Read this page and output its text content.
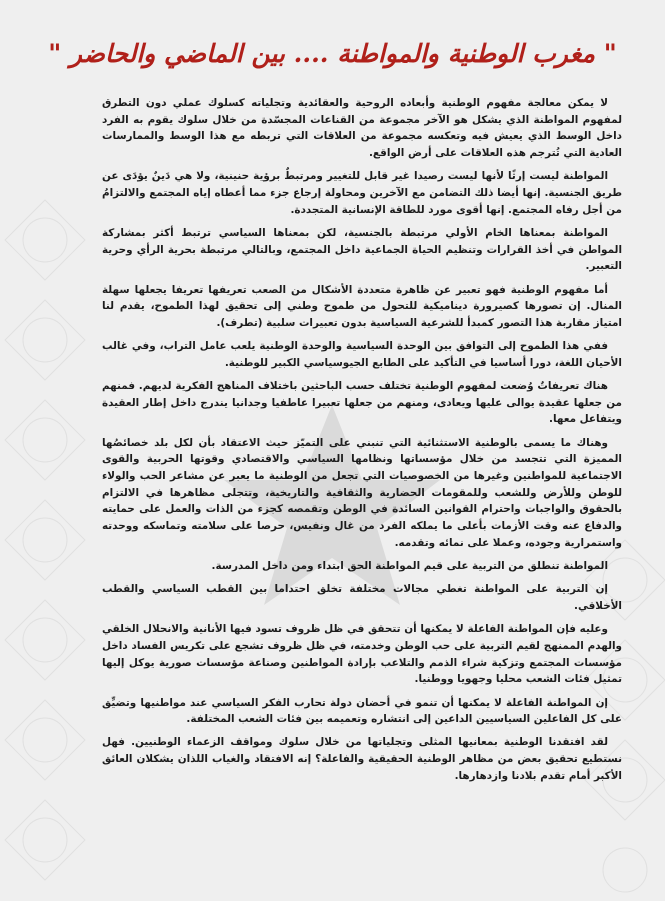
" مغرب الوطنية والمواطنة .... بين الماضي والحاضر "

لا يمكن معالجة مفهوم الوطنية وأبعاده الروحية والعقائدية وتجلياته كسلوك عملي دون التطرق لمفهوم المواطنة الذي يشكل هو الآخر مجموعة من القناعات المجسّدة من خلال سلوك يقوم به الفرد داخل الوسط الذي يعيش فيه وتعكسه مجموعة من العلاقات التي تربطه مع هذا الوسط والممارسات العادية التي تُترجم هذه العلاقات على أرض الواقع.

المواطنة ليست إرثًا لأنها ليست رصيدا غير قابل للتغيير ومرتبطٌ برؤية حنينية، ولا هي دَينٌ يؤدَى عن طريق الجنسية. إنها أيضا ذلك التضامن مع الآخرين ومحاولة إرجاع جزء مما أعطاه إياه المجتمع والالتزامُ من أجل رفاه المجتمع. إنها أقوى مورد للطاقة الإنسانية المتجددة.

المواطنة بمعناها الخام الأولي مرتبطة بالجنسية، لكن بمعناها السياسي ترتبط أكثر بمشاركة المواطن في أخذ القرارات وتنظيم الحياة الجماعية داخل المجتمع، وبالتالي مرتبطة بحرية الرأي وحرية التعبير.

أما مفهوم الوطنية فهو تعبير عن ظاهرة متعددة الأشكال من الصعب تعريفها تعريفا يجعلها سهلة المنال. إن تصورها كصيرورة ديناميكية للتحول من طموح وطني إلى تحقيق لهذا الطموح، يقدم لنا امتياز مقاربة هذا التصور كمبدأ للشرعية السياسية بدون تعبيرات سلبية (تطرف).

ففي هذا الطموح إلى التوافق بين الوحدة السياسية والوحدة الوطنية يلعب عامل التراب، وفي غالب الأحيان اللغة، دورا أساسيا في التأكيد على الطابع الجيوسياسي الكبير للوطنية.

هناك تعريفاتٌ وُضعت لمفهوم الوطنية تختلف حسب الباحثين باختلاف المناهج الفكرية لديهم. فمنهم من جعلها عقيدة يوالى عليها ويعادى، ومنهم من جعلها تعبيرا عاطفيا وجدانيا يندرج داخل إطار العقيدة ويتفاعل معها.

وهناك ما يسمى بالوطنية الاستثنائية التي تنبني على التميّز حيث الاعتقاد بأن لكل بلد خصائصُها المميزة التي تتجسد من خلال مؤسساتها ونظامها السياسي والاقتصادي وقوتها الحربية والقوى الاجتماعية للمواطنين وغيرها من الخصوصيات التي تجعل من الوطنية ما يعبر عن مشاعر الحب والولاء للوطن وللأرض وللشعب وللمقومات الحضارية والثقافية والتاريخية، وتتجلى مظاهرها في الالتزام بالحقوق والواجبات واحترام القوانين السائدة في الوطن وتقمصه كجزء من الذات والعمل على حمايته والدفاع عنه وقت الأزمات بأعلى ما يملكه الفرد من غال ونفيس، حرصا على سلامته وتماسكه ووحدته واستمرارية وجوده، وعملا على نمائه وتقدمه.

المواطنة تنطلق من التربية على قيم المواطنة الحق ابتداء ومن داخل المدرسة.

إن التربية على المواطنة تغطي مجالات مختلفة تخلق احتداما بين القطب السياسي والقطب الأخلاقي.

وعليه فإن المواطنة الفاعلة لا يمكنها أن تتحقق في ظل ظروف تسود فيها الأنانية والانحلال الخلقي والهدم الممنهج لقيم التربية على حب الوطن وخدمته، في ظل ظروف تشجع على تكريس الفساد داخل مؤسسات المجتمع وتزكية شراء الذمم والتلاعب بإرادة المواطنين وصناعة مؤسسات صورية يوكل إليها تمثيل فئات الشعب محليا وجهويا ووطنيا.

إن المواطنة الفاعلة لا يمكنها أن تنمو في أحضان دولة تحارب الفكر السياسي عند مواطنيها وتضيِّق على كل الفاعلين السياسيين الداعين إلى انتشاره وتعميمه بين فئات الشعب المختلفة.

لقد افتقدنا الوطنية بمعانيها المثلى وتجلياتها من خلال سلوك ومواقف الزعماء الوطنيين. فهل نستطيع تحقيق بعض من مظاهر الوطنية الحقيقية والفاعلة؟ إنه الافتقاد والغياب اللذان يشكلان العائق الأكبر أمام تقدم بلادنا وازدهارها.
